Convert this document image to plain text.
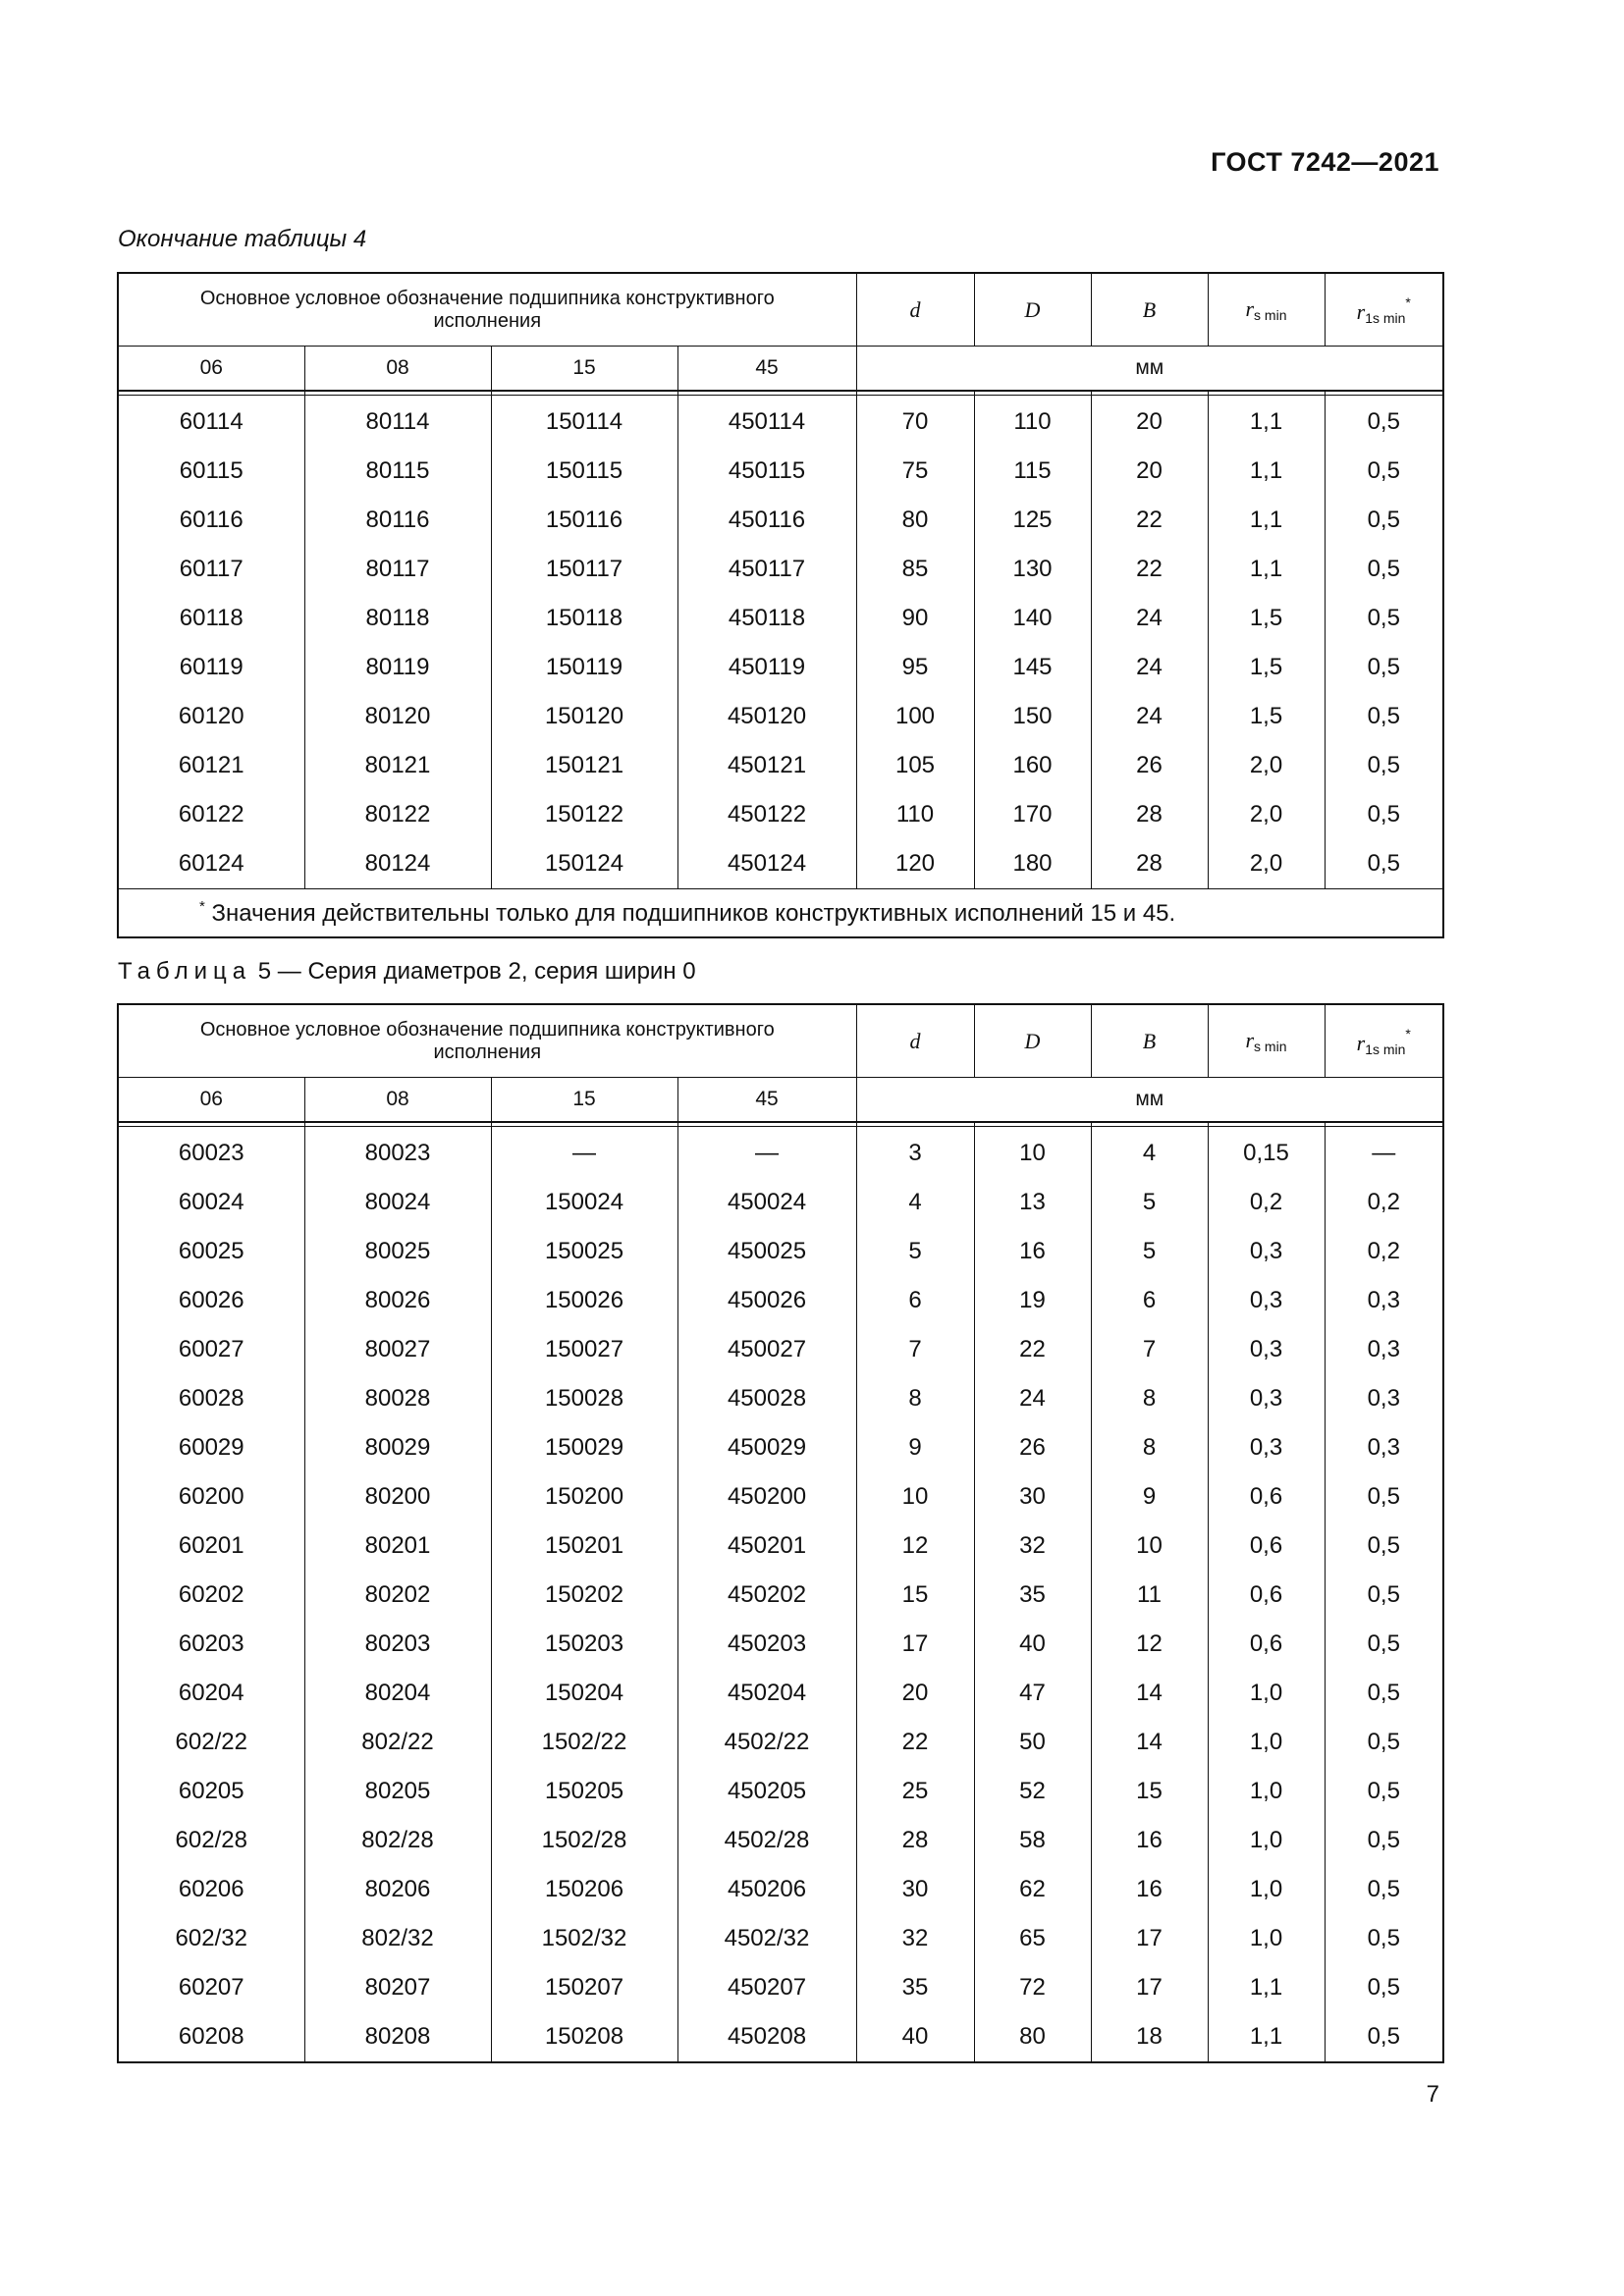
ГОСТ 7242—2021
Окончание таблицы 4
Основное условное обозначение подшипника конструктивного исполнения				d	D	B	$r_{s min}$	$r_{1s min}^*$
06	08	15	45	мм				

60114	80114	150114	450114	70	110	20	1,1	0,5
60115	80115	150115	450115	75	115	20	1,1	0,5
60116	80116	150116	450116	80	125	22	1,1	0,5
60117	80117	150117	450117	85	130	22	1,1	0,5
60118	80118	150118	450118	90	140	24	1,5	0,5
60119	80119	150119	450119	95	145	24	1,5	0,5
60120	80120	150120	450120	100	150	24	1,5	0,5
60121	80121	150121	450121	105	160	26	2,0	0,5
60122	80122	150122	450122	110	170	28	2,0	0,5
60124	80124	150124	450124	120	180	28	2,0	0,5
* Значения действительны только для подшипников конструктивных исполнений 15 и 45.								
Таблица 5 — Серия диаметров 2, серия ширин 0
Основное условное обозначение подшипника конструктивного исполнения				d	D	B	$r_{s min}$	$r_{1s min}^*$
06	08	15	45	мм				

60023	80023	—	—	3	10	4	0,15	—
60024	80024	150024	450024	4	13	5	0,2	0,2
60025	80025	150025	450025	5	16	5	0,3	0,2
60026	80026	150026	450026	6	19	6	0,3	0,3
60027	80027	150027	450027	7	22	7	0,3	0,3
60028	80028	150028	450028	8	24	8	0,3	0,3
60029	80029	150029	450029	9	26	8	0,3	0,3
60200	80200	150200	450200	10	30	9	0,6	0,5
60201	80201	150201	450201	12	32	10	0,6	0,5
60202	80202	150202	450202	15	35	11	0,6	0,5
60203	80203	150203	450203	17	40	12	0,6	0,5
60204	80204	150204	450204	20	47	14	1,0	0,5
602/22	802/22	1502/22	4502/22	22	50	14	1,0	0,5
60205	80205	150205	450205	25	52	15	1,0	0,5
602/28	802/28	1502/28	4502/28	28	58	16	1,0	0,5
60206	80206	150206	450206	30	62	16	1,0	0,5
602/32	802/32	1502/32	4502/32	32	65	17	1,0	0,5
60207	80207	150207	450207	35	72	17	1,1	0,5
60208	80208	150208	450208	40	80	18	1,1	0,5
7
